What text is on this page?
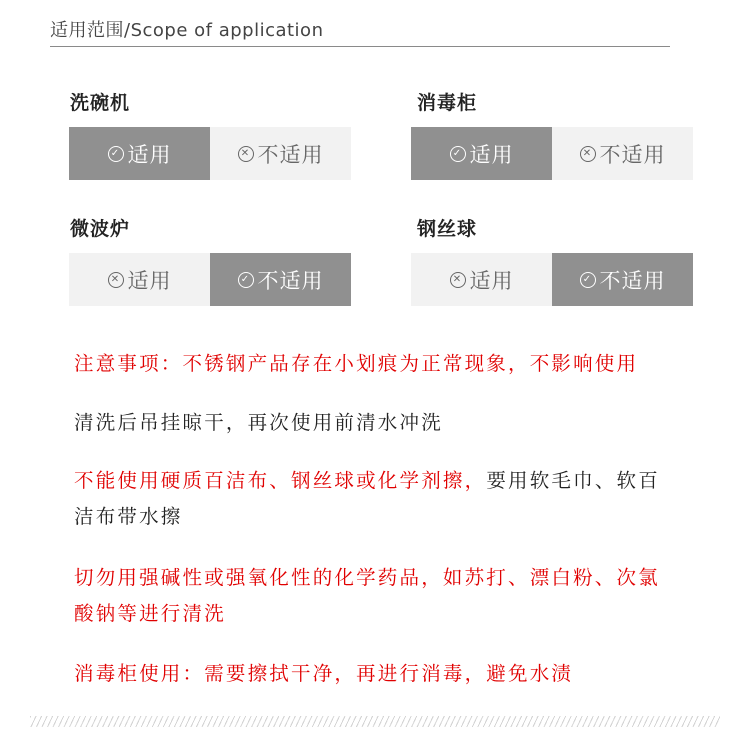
适用范围/Scope of application
洗碗机
✓ 适用	✕ 不适用
消毒柜
✓ 适用	✕ 不适用
微波炉
✕ 适用	✓ 不适用
钢丝球
✕ 适用	✓ 不适用
注意事项：不锈钢产品存在小划痕为正常现象，不影响使用
清洗后吊挂晾干，再次使用前清水冲洗
不能使用硬质百洁布、钢丝球或化学剂擦，要用软毛巾、软百
洁布带水擦
切勿用强碱性或强氧化性的化学药品，如苏打、漂白粉、次氯
酸钠等进行清洗
消毒柜使用：需要擦拭干净，再进行消毒，避免水渍
